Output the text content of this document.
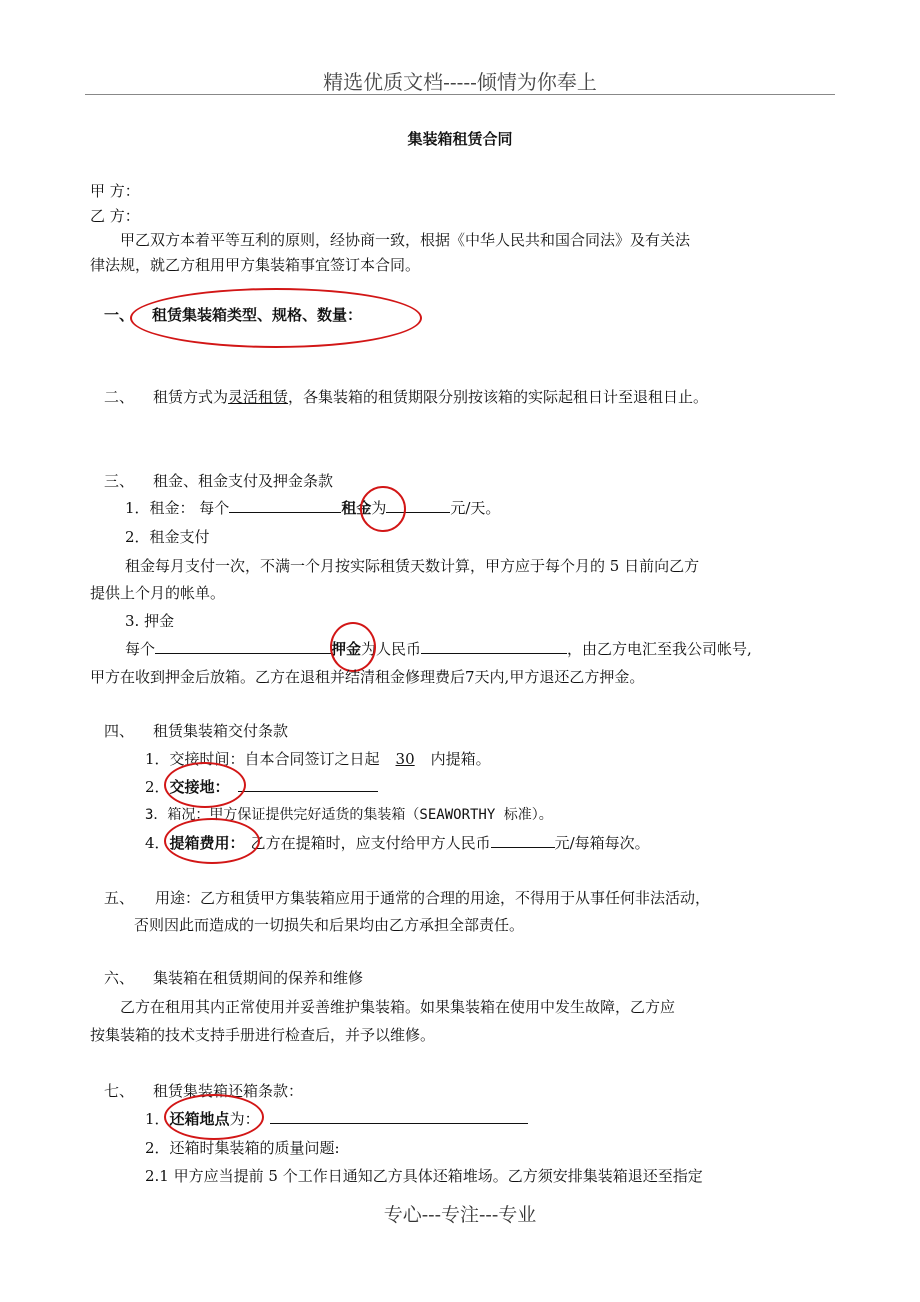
精选优质文档-----倾情为你奉上
集装箱租赁合同
甲 方：
乙 方：
甲乙双方本着平等互利的原则，经协商一致，根据《中华人民共和国合同法》及有关法
律法规，就乙方租用甲方集装箱事宜签订本合同。
一、 租赁集装箱类型、规格、数量：
二、 租赁方式为灵活租赁，各集装箱的租赁期限分别按该箱的实际起租日计至退租日止。
三、 租金、租金支付及押金条款
1．租金： 每个	租金为	元/天。
2．租金支付
租金每月支付一次，不满一个月按实际租赁天数计算，甲方应于每个月的 5 日前向乙方
提供上个月的帐单。
3. 押金
每个	押金为人民币	，由乙方电汇至我公司帐号,
甲方在收到押金后放箱。乙方在退租并结清租金修理费后7天内,甲方退还乙方押金。
四、 租赁集装箱交付条款
1．交接时间：自本合同签订之日起 30 内提箱。
2．交接地：
3．箱况：甲方保证提供完好适货的集装箱（SEAWORTHY 标准）。
4．提箱费用： 乙方在提箱时，应支付给甲方人民币	元/每箱每次。
五、 用途：乙方租赁甲方集装箱应用于通常的合理的用途，不得用于从事任何非法活动，
否则因此而造成的一切损失和后果均由乙方承担全部责任。
六、 集装箱在租赁期间的保养和维修
乙方在租用其内正常使用并妥善维护集装箱。如果集装箱在使用中发生故障，乙方应
按集装箱的技术支持手册进行检查后，并予以维修。
七、 租赁集装箱还箱条款：
1．还箱地点为：
2．还箱时集装箱的质量问题:
2.1 甲方应当提前 5 个工作日通知乙方具体还箱堆场。乙方须安排集装箱退还至指定
专心---专注---专业
